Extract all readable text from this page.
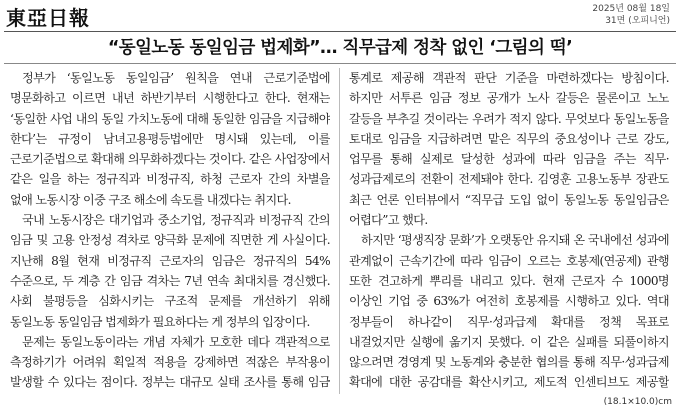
東亞日報	2025년 08월 18일
31면 (오피니언)
“동일노동 동일임금 법제화”… 직무급제 정착 없인 ‘그림의 떡’

정부가 ‘동일노동 동일임금’ 원칙을 연내 근로기준법에 명문화하고 이르면 내년 하반기부터 시행한다고 한다. 현재는 ‘동일한 사업 내의 동일 가치노동에 대해 동일한 임금을 지급해야 한다’는 규정이 남녀고용평등법에만 명시돼 있는데, 이를 근로기준법으로 확대해 의무화하겠다는 것이다. 같은 사업장에서 같은 일을 하는 정규직과 비정규직, 하청 근로자 간의 차별을 없애 노동시장 이중 구조 해소에 속도를 내겠다는 취지다.

국내 노동시장은 대기업과 중소기업, 정규직과 비정규직 간의 임금 및 고용 안정성 격차로 양극화 문제에 직면한 게 사실이다. 지난해 8월 현재 비정규직 근로자의 임금은 정규직의 54% 수준으로, 두 계층 간 임금 격차는 7년 연속 최대치를 경신했다. 사회 불평등을 심화시키는 구조적 문제를 개선하기 위해 동일노동 동일임금 법제화가 필요하다는 게 정부의 입장이다.

문제는 동일노동이라는 개념 자체가 모호한 데다 객관적으로 측정하기가 어려워 획일적 적용을 강제하면 적잖은 부작용이 발생할 수 있다는 점이다. 정부는 대규모 실태 조사를 통해 임금

통계로 제공해 객관적 판단 기준을 마련하겠다는 방침이다. 하지만 서투른 임금 정보 공개가 노사 갈등은 물론이고 노노 갈등을 부추길 것이라는 우려가 적지 않다. 무엇보다 동일노동을 토대로 임금을 지급하려면 맡은 직무의 중요성이나 근로 강도, 업무를 통해 실제로 달성한 성과에 따라 임금을 주는 직무·성과급제로의 전환이 전제돼야 한다. 김영훈 고용노동부 장관도 최근 언론 인터뷰에서 “직무급 도입 없이 동일노동 동일임금은 어렵다”고 했다.

하지만 ‘평생직장 문화’가 오랫동안 유지돼 온 국내에선 성과에 관계없이 근속기간에 따라 임금이 오르는 호봉제(연공제) 관행 또한 견고하게 뿌리를 내리고 있다. 현재 근로자 수 1000명 이상인 기업 중 63%가 여전히 호봉제를 시행하고 있다. 역대 정부들이 하나같이 직무·성과급제 확대를 정책 목표로 내걸었지만 실행에 옮기지 못했다. 이 같은 실패를 되풀이하지 않으려면 경영계 및 노동계와 충분한 협의를 통해 직무·성과급제 확대에 대한 공감대를 확산시키고, 제도적 인센티브도 제공할

(18.1×10.0)cm
